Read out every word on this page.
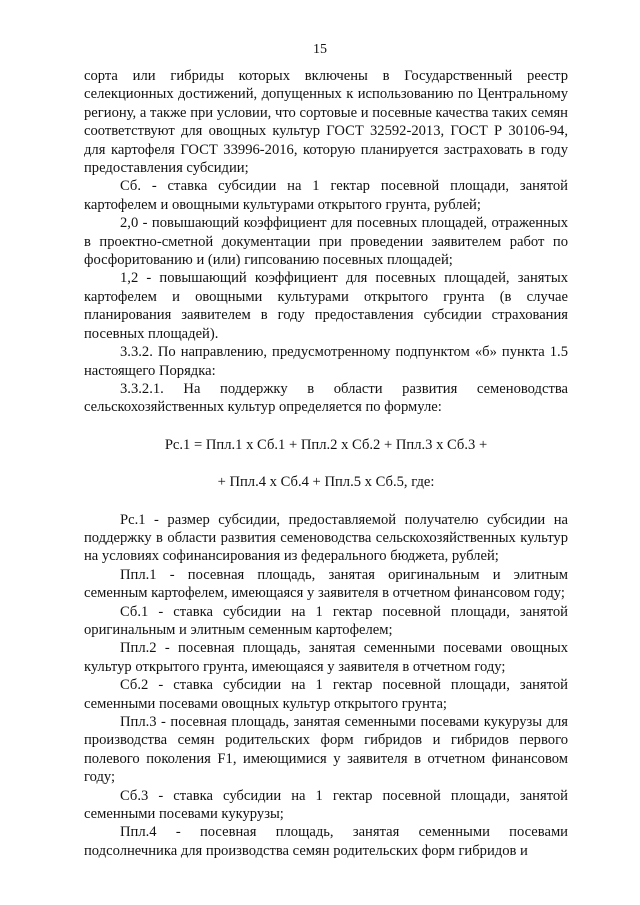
15

сорта или гибриды которых включены в Государственный реестр селекционных достижений, допущенных к использованию по Центральному региону, а также при условии, что сортовые и посевные качества таких семян соответствуют для овощных культур ГОСТ 32592-2013, ГОСТ Р 30106-94, для картофеля ГОСТ 33996-2016, которую планируется застраховать в году предоставления субсидии;

Сб. - ставка субсидии на 1 гектар посевной площади, занятой картофелем и овощными культурами открытого грунта, рублей;

2,0 - повышающий коэффициент для посевных площадей, отраженных в проектно-сметной документации при проведении заявителем работ по фосфоритованию и (или) гипсованию посевных площадей;

1,2 - повышающий коэффициент для посевных площадей, занятых картофелем и овощными культурами открытого грунта (в случае планирования заявителем в году предоставления субсидии страхования посевных площадей).

3.3.2. По направлению, предусмотренному подпунктом «б» пункта 1.5 настоящего Порядка:

3.3.2.1. На поддержку в области развития семеноводства сельскохозяйственных культур определяется по формуле:

Рс.1 = Ппл.1 х Сб.1 + Ппл.2 х Сб.2 + Ппл.3 х Сб.3 +

+ Ппл.4 х Сб.4 + Ппл.5 х Сб.5, где:

Рс.1 - размер субсидии, предоставляемой получателю субсидии на поддержку в области развития семеноводства сельскохозяйственных культур на условиях софинансирования из федерального бюджета, рублей;

Ппл.1 - посевная площадь, занятая оригинальным и элитным семенным картофелем, имеющаяся у заявителя в отчетном финансовом году;

Сб.1 - ставка субсидии на 1 гектар посевной площади, занятой оригинальным и элитным семенным картофелем;

Ппл.2 - посевная площадь, занятая семенными посевами овощных культур открытого грунта, имеющаяся у заявителя в отчетном году;

Сб.2 - ставка субсидии на 1 гектар посевной площади, занятой семенными посевами овощных культур открытого грунта;

Ппл.3 - посевная площадь, занятая семенными посевами кукурузы для производства семян родительских форм гибридов и гибридов первого полевого поколения F1, имеющимися у заявителя в отчетном финансовом году;

Сб.3 - ставка субсидии на 1 гектар посевной площади, занятой семенными посевами кукурузы;

Ппл.4 - посевная площадь, занятая семенными посевами подсолнечника для производства семян родительских форм гибридов и
